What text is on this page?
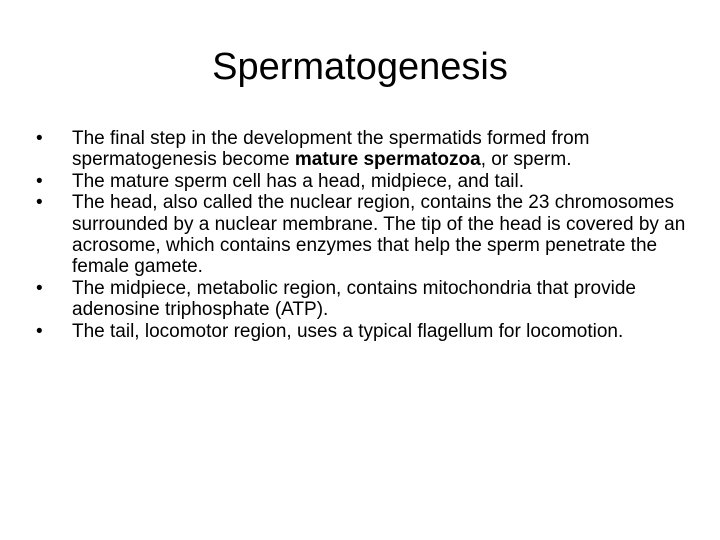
Spermatogenesis
•	The final step in the development the spermatids formed from spermatogenesis become mature spermatozoa, or sperm.
•	The mature sperm cell has a head, midpiece, and tail.
•	The head, also called the nuclear region, contains the 23 chromosomes surrounded by a nuclear membrane. The tip of the head is covered by an acrosome, which contains enzymes that help the sperm penetrate the female gamete.
•	The midpiece, metabolic region, contains mitochondria that provide adenosine triphosphate (ATP).
•	The tail, locomotor region, uses a typical flagellum for locomotion.
